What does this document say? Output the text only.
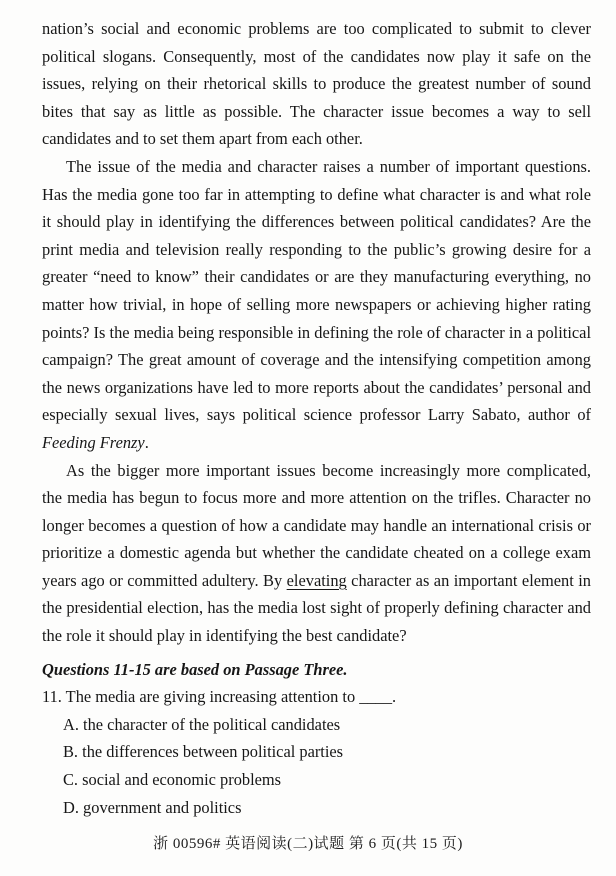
nation’s social and economic problems are too complicated to submit to clever political slogans. Consequently, most of the candidates now play it safe on the issues, relying on their rhetorical skills to produce the greatest number of sound bites that say as little as possible. The character issue becomes a way to sell candidates and to set them apart from each other.

The issue of the media and character raises a number of important questions. Has the media gone too far in attempting to define what character is and what role it should play in identifying the differences between political candidates? Are the print media and television really responding to the public’s growing desire for a greater “need to know” their candidates or are they manufacturing everything, no matter how trivial, in hope of selling more newspapers or achieving higher rating points? Is the media being responsible in defining the role of character in a political campaign? The great amount of coverage and the intensifying competition among the news organizations have led to more reports about the candidates’ personal and especially sexual lives, says political science professor Larry Sabato, author of Feeding Frenzy.

As the bigger more important issues become increasingly more complicated, the media has begun to focus more and more attention on the trifles. Character no longer becomes a question of how a candidate may handle an international crisis or prioritize a domestic agenda but whether the candidate cheated on a college exam years ago or committed adultery. By elevating character as an important element in the presidential election, has the media lost sight of properly defining character and the role it should play in identifying the best candidate?

Questions 11-15 are based on Passage Three.

11. The media are giving increasing attention to ____.

A. the character of the political candidates

B. the differences between political parties

C. social and economic problems

D. government and politics

浙 00596# 英语阅读(二)试题 第 6 页(共 15 页)
